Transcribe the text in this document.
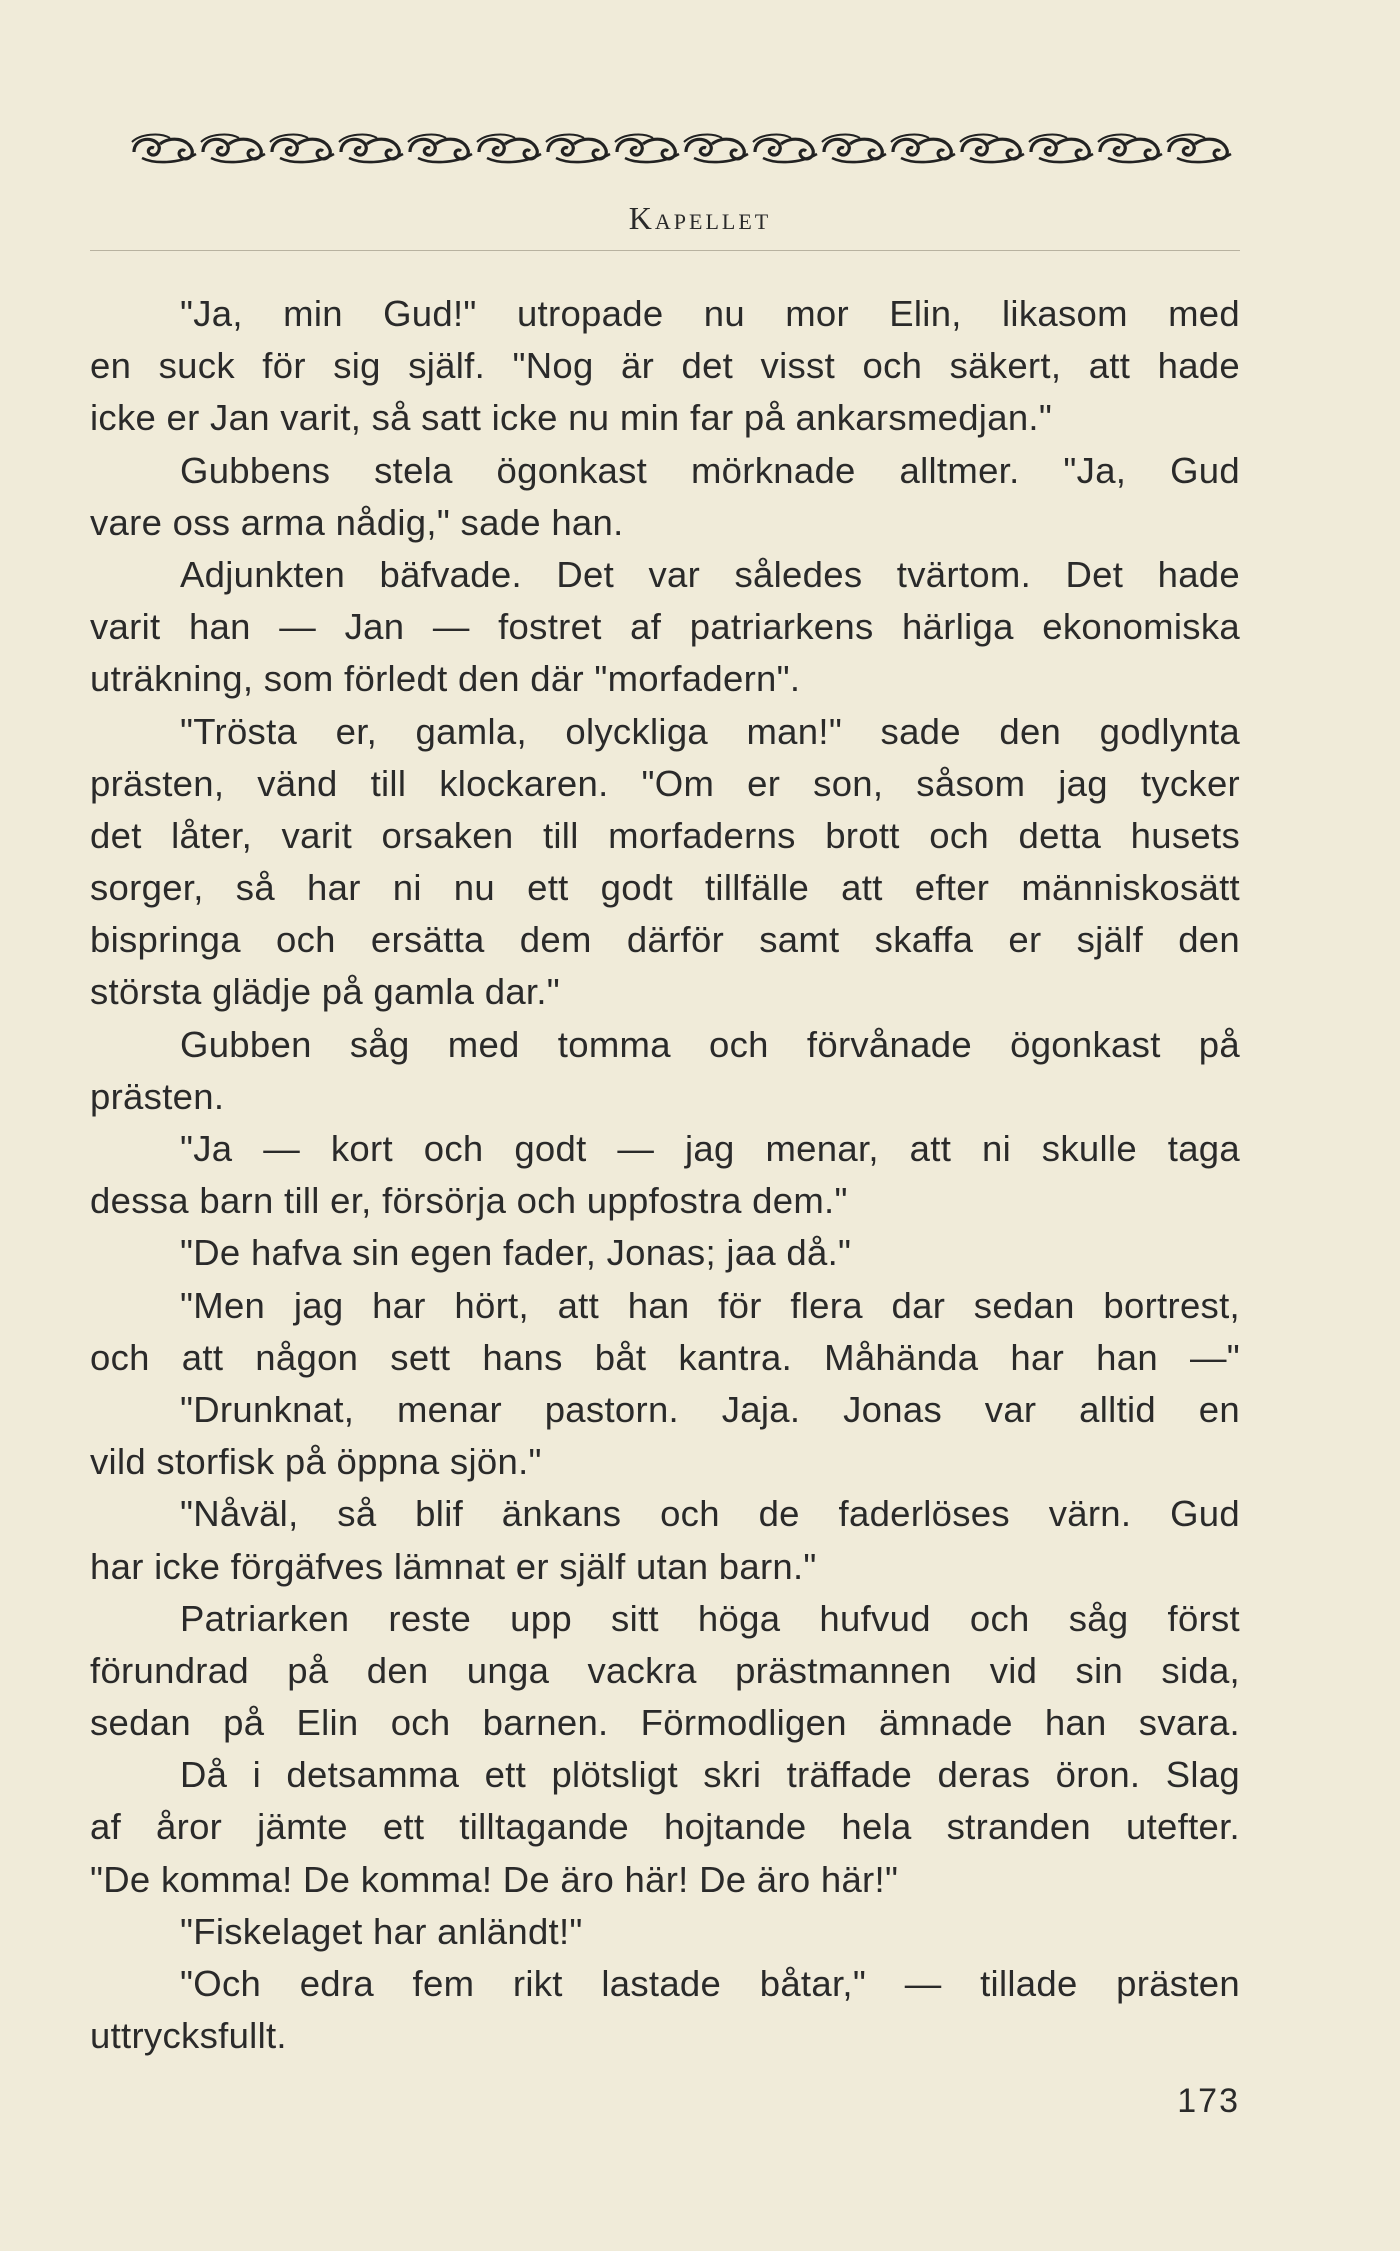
Kapellet
"Ja, min Gud!" utropade nu mor Elin, likasom med
en suck för sig själf. "Nog är det visst och säkert, att hade
icke er Jan varit, så satt icke nu min far på ankarsmedjan."
Gubbens stela ögonkast mörknade alltmer. "Ja, Gud
vare oss arma nådig," sade han.
Adjunkten bäfvade. Det var således tvärtom. Det hade
varit han — Jan — fostret af patriarkens härliga ekonomiska
uträkning, som förledt den där "morfadern".
"Trösta er, gamla, olyckliga man!" sade den godlynta
prästen, vänd till klockaren. "Om er son, såsom jag tycker
det låter, varit orsaken till morfaderns brott och detta husets
sorger, så har ni nu ett godt tillfälle att efter människosätt
bispringa och ersätta dem därför samt skaffa er själf den
största glädje på gamla dar."
Gubben såg med tomma och förvånade ögonkast på
prästen.
"Ja — kort och godt — jag menar, att ni skulle taga
dessa barn till er, försörja och uppfostra dem."
"De hafva sin egen fader, Jonas; jaa då."
"Men jag har hört, att han för flera dar sedan bortrest,
och att någon sett hans båt kantra. Måhända har han —"
"Drunknat, menar pastorn. Jaja. Jonas var alltid en
vild storfisk på öppna sjön."
"Nåväl, så blif änkans och de faderlöses värn. Gud
har icke förgäfves lämnat er själf utan barn."
Patriarken reste upp sitt höga hufvud och såg först
förundrad på den unga vackra prästmannen vid sin sida,
sedan på Elin och barnen. Förmodligen ämnade han svara.
Då i detsamma ett plötsligt skri träffade deras öron. Slag
af åror jämte ett tilltagande hojtande hela stranden utefter.
"De komma! De komma! De äro här! De äro här!"
"Fiskelaget har anländt!"
"Och edra fem rikt lastade båtar," — tillade prästen
uttrycksfullt.
173
